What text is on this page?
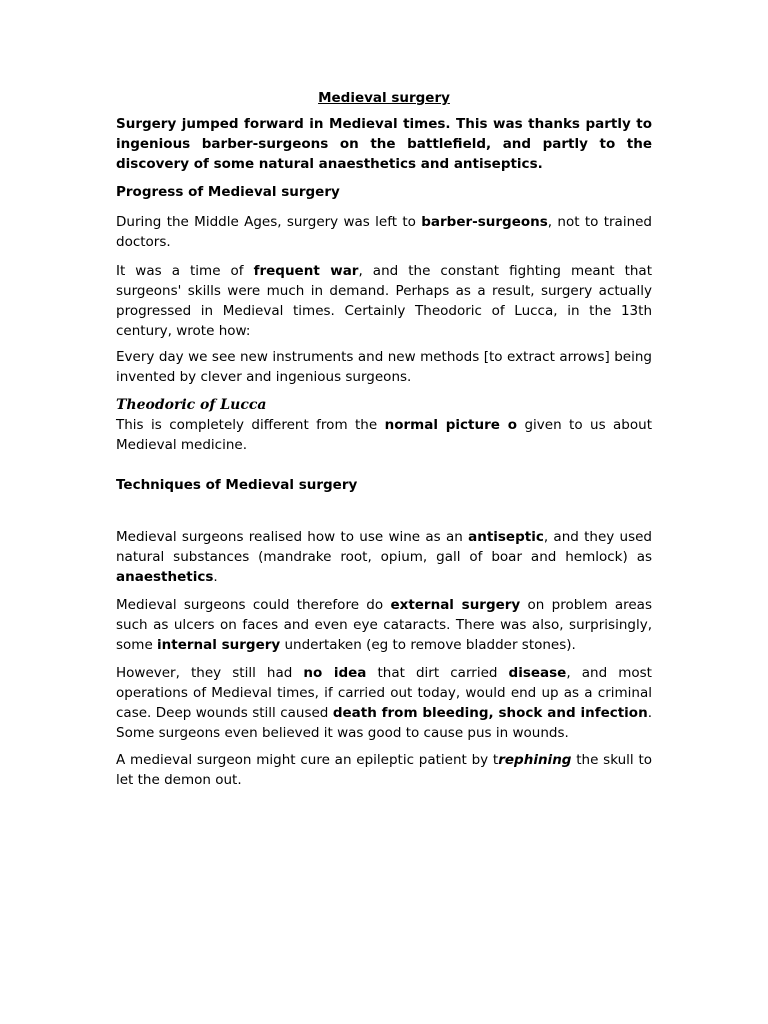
Medieval surgery

Surgery jumped forward in Medieval times. This was thanks partly to ingenious barber-surgeons on the battlefield, and partly to the discovery of some natural anaesthetics and antiseptics.

Progress of Medieval surgery

During the Middle Ages, surgery was left to barber-surgeons, not to trained doctors.

It was a time of frequent war, and the constant fighting meant that surgeons' skills were much in demand. Perhaps as a result, surgery actually progressed in Medieval times. Certainly Theodoric of Lucca, in the 13th century, wrote how:

Every day we see new instruments and new methods [to extract arrows] being invented by clever and ingenious surgeons.

Theodoric of Lucca

This is completely different from the normal picture o given to us about Medieval medicine.

Techniques of Medieval surgery

Medieval surgeons realised how to use wine as an antiseptic, and they used natural substances (mandrake root, opium, gall of boar and hemlock) as anaesthetics.

Medieval surgeons could therefore do external surgery on problem areas such as ulcers on faces and even eye cataracts. There was also, surprisingly, some internal surgery undertaken (eg to remove bladder stones).

However, they still had no idea that dirt carried disease, and most operations of Medieval times, if carried out today, would end up as a criminal case. Deep wounds still caused death from bleeding, shock and infection. Some surgeons even believed it was good to cause pus in wounds.

A medieval surgeon might cure an epileptic patient by trephining the skull to let the demon out.
